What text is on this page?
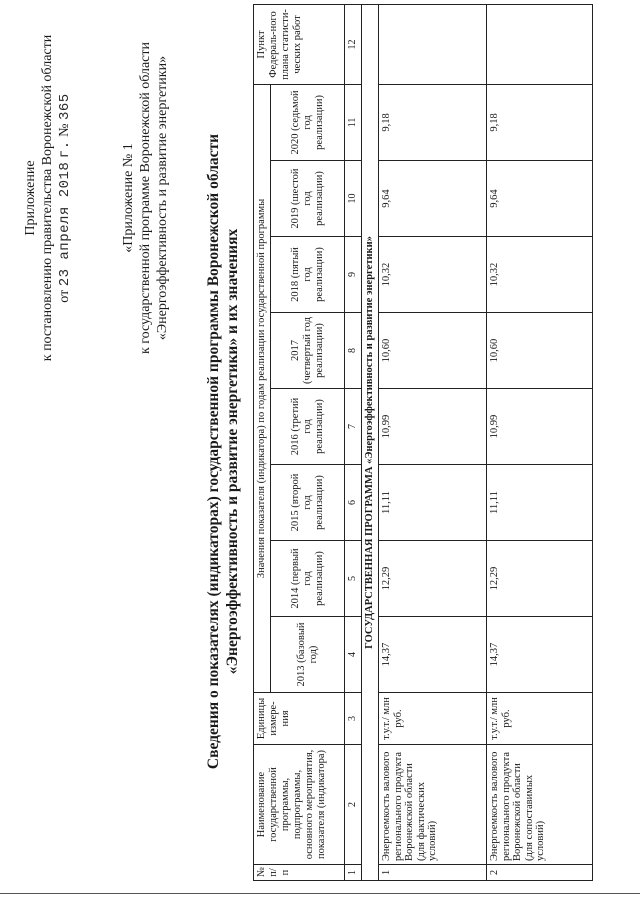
Приложение к постановлению правительства Воронежской области от 23 апреля 2018 г. № 365
«Приложение № 1 к государственной программе Воронежской области «Энергоэффективность и развитие энергетики» Сведения о показателях (индикаторах) государственной программы Воронежской области «Энергоэффективность и развитие энергетики» и их значениях
№ п/п	Наименование государственной программы, подпрограммы, основного мероприятия, показателя (индикатора)	Единицы измере-ния	Значения показателя (индикатора) по годам реализации государственной программы								Пункт Федераль-ного плана статисти-ческих работ
			2013 (базовый год)	2014 (первый год реализации)	2015 (второй год реализации)	2016 (третий год реализации)	2017 (четвертый год реализации)	2018 (пятый год реализации)	2019 (шестой год реализации)	2020 (седьмой год реализации)	
1	2	3	4	5	6	7	8	9	10	11	12
ГОСУДАРСТВЕННАЯ ПРОГРАММА «Энергоэффективность и развитие энергетики»											
1	Энергоемкость валового регионального продукта Воронежской области (для фактических условий)	т.у.т./ млн руб.	14,37	12,29	11,11	10,99	10,60	10,32	9,64	9,18	
2	Энергоемкость валового регионального продукта Воронежской области (для сопоставимых условий)	т.у.т./ млн руб.	14,37	12,29	11,11	10,99	10,60	10,32	9,64	9,18	
